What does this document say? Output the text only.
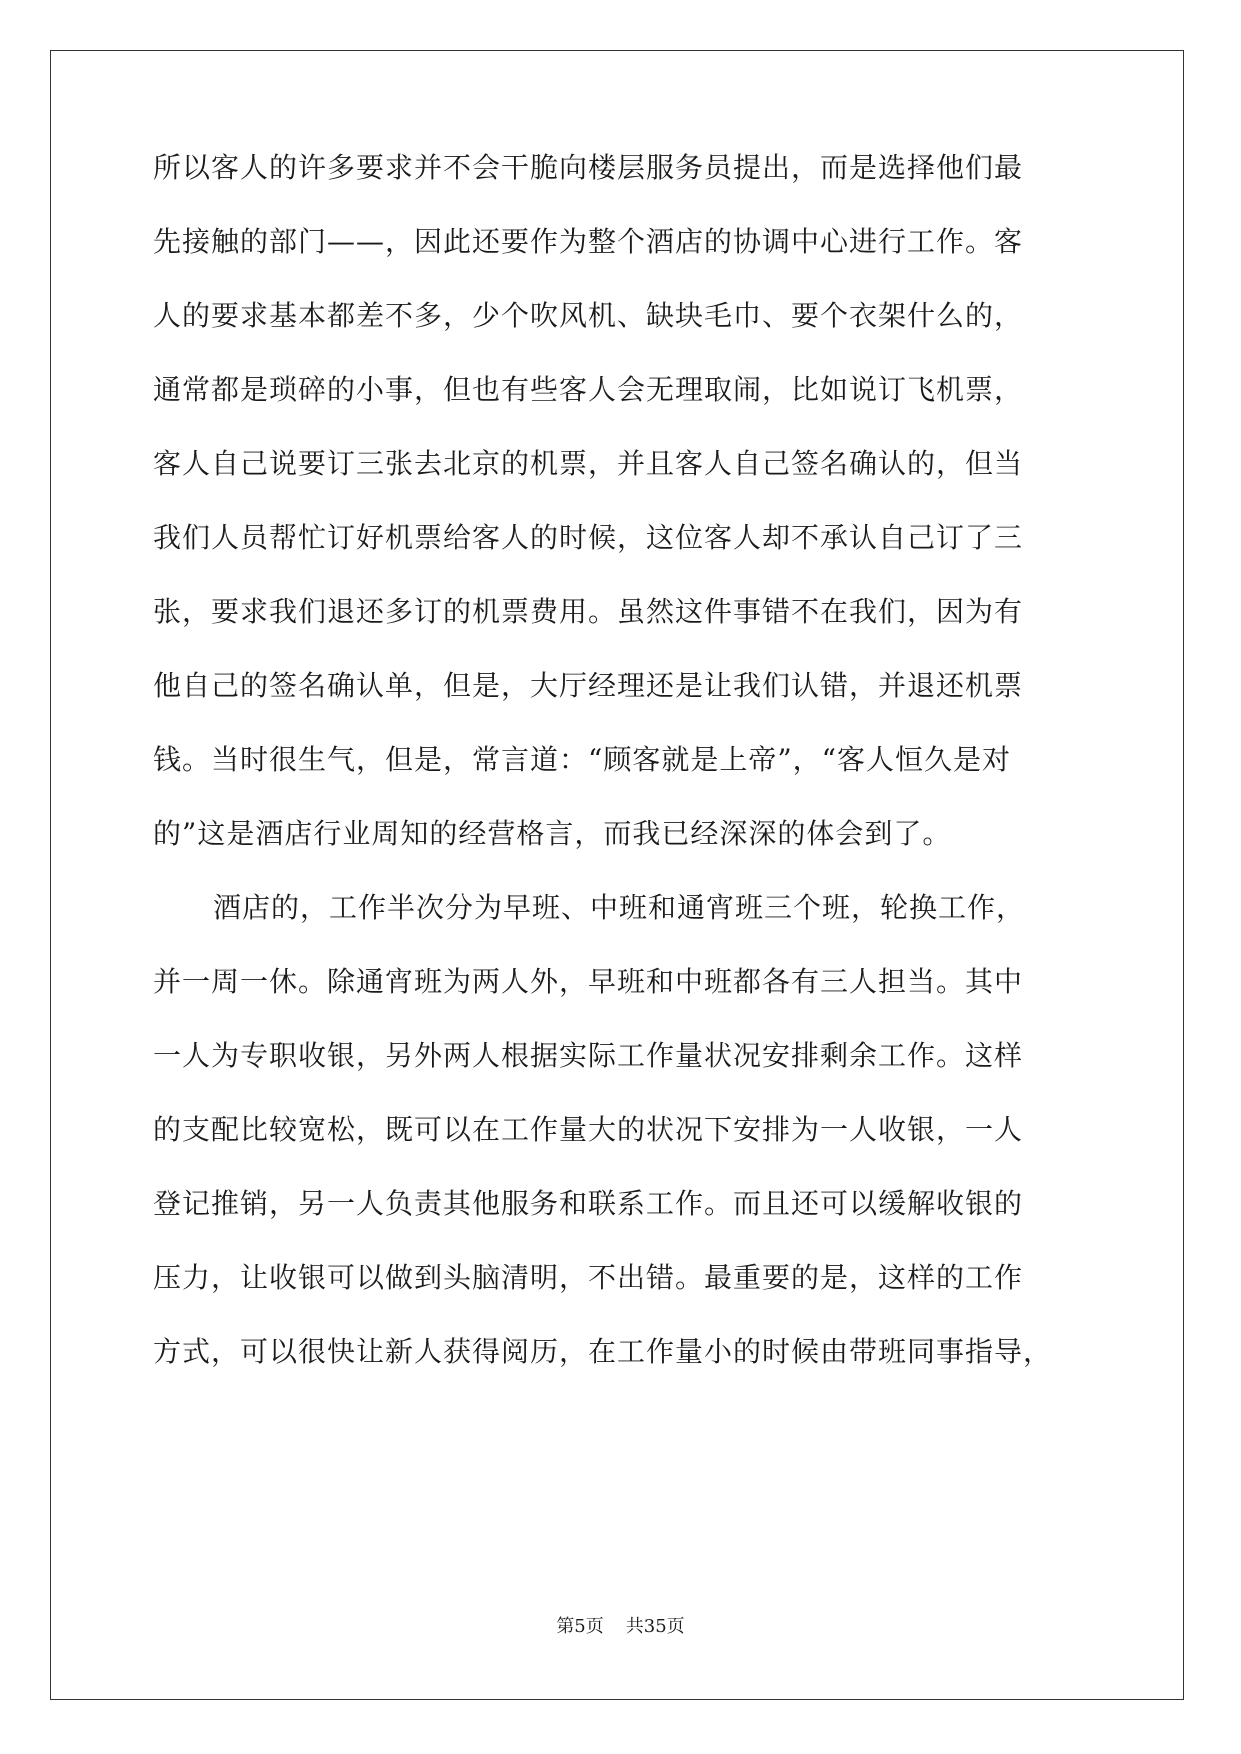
所以客人的许多要求并不会干脆向楼层服务员提出，而是选择他们最
先接触的部门——，因此还要作为整个酒店的协调中心进行工作。客
人的要求基本都差不多，少个吹风机、缺块毛巾、要个衣架什么的，
通常都是琐碎的小事，但也有些客人会无理取闹，比如说订飞机票，
客人自己说要订三张去北京的机票，并且客人自己签名确认的，但当
我们人员帮忙订好机票给客人的时候，这位客人却不承认自己订了三
张，要求我们退还多订的机票费用。虽然这件事错不在我们，因为有
他自己的签名确认单，但是，大厅经理还是让我们认错，并退还机票
钱。当时很生气，但是，常言道：“顾客就是上帝”，“客人恒久是对
的”这是酒店行业周知的经营格言，而我已经深深的体会到了。
酒店的，工作半次分为早班、中班和通宵班三个班，轮换工作，
并一周一休。除通宵班为两人外，早班和中班都各有三人担当。其中
一人为专职收银，另外两人根据实际工作量状况安排剩余工作。这样
的支配比较宽松，既可以在工作量大的状况下安排为一人收银，一人
登记推销，另一人负责其他服务和联系工作。而且还可以缓解收银的
压力，让收银可以做到头脑清明，不出错。最重要的是，这样的工作
方式，可以很快让新人获得阅历，在工作量小的时候由带班同事指导，
第5页 共35页
